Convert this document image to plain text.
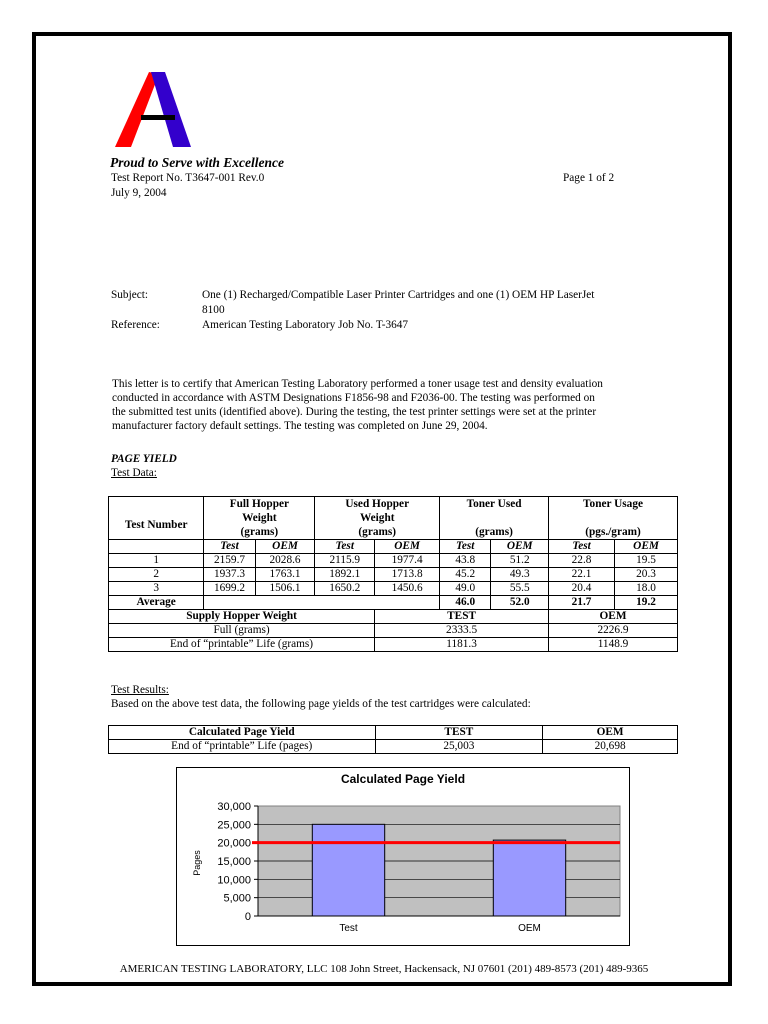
Proud to Serve with Excellence
Test Report No. T3647-001 Rev.0
July 9, 2004
Page 1 of 2
Subject:	One (1) Recharged/Compatible Laser Printer Cartridges and one (1) OEM HP LaserJet
8100
Reference:	American Testing Laboratory Job No. T-3647
This letter is to certify that American Testing Laboratory performed a toner usage test and density evaluation
conducted in accordance with ASTM Designations F1856-98 and F2036-00. The testing was performed on
the submitted test units (identified above). During the testing, the test printer settings were set at the printer
manufacturer factory default settings. The testing was completed on June 29, 2004.
PAGE YIELD
Test Data:
Test Number	Full Hopper
Weight
(grams)		Used Hopper
Weight
(grams)		Toner Used

(grams)		Toner Usage

(pgs./gram)	
	Test	OEM	Test	OEM	Test	OEM	Test	OEM
1	2159.7	2028.6	2115.9	1977.4	43.8	51.2	22.8	19.5
2	1937.3	1763.1	1892.1	1713.8	45.2	49.3	22.1	20.3
3	1699.2	1506.1	1650.2	1450.6	49.0	55.5	20.4	18.0
Average					46.0	52.0	21.7	19.2
Supply Hopper Weight				TEST			OEM	
Full (grams)				2333.5			2226.9	
End of “printable” Life (grams)				1181.3			1148.9	
Test Results:
Based on the above test data, the following page yields of the test cartridges were calculated:
Calculated Page Yield	TEST	OEM
End of “printable” Life (pages)	25,003	20,698
Calculated Page Yield
0
5,000
10,000
15,000
20,000
25,000
30,000
Test	OEM
Pages
AMERICAN TESTING LABORATORY, LLC 108 John Street, Hackensack, NJ 07601 (201) 489-8573 (201) 489-9365
